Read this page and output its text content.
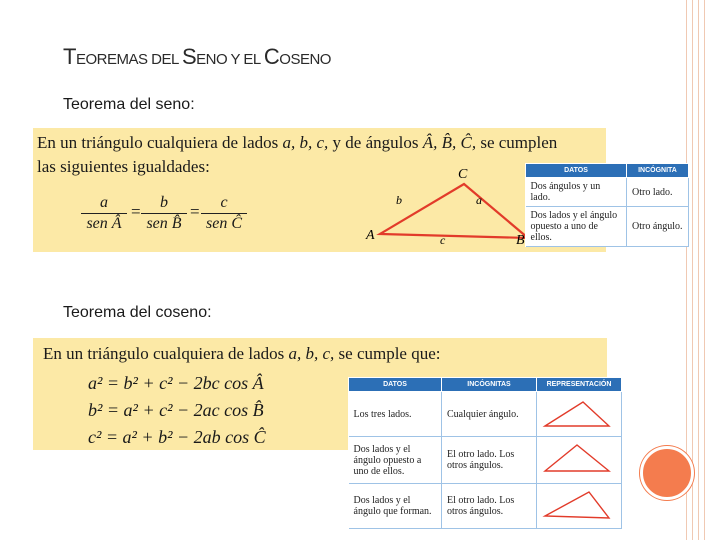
TEOREMAS DEL SENO Y EL COSENO
Teorema del seno:
En un triángulo cualquiera de lados a, b, c, y de ángulos Â, B̂, Ĉ, se cumplen
las siguientes igualdades:
a
sen Â
=	b
sen B̂
=	c
sen Ĉ
C
A	B
a
b
c
DATOS	INCÓGNITA
Dos ángulos y un lado.	Otro lado.
Dos lados y el ángulo opuesto a uno de ellos.	Otro ángulo.
Teorema del coseno:
En un triángulo cualquiera de lados a, b, c, se cumple que:
a² = b² + c² − 2bc cos Â
b² = a² + c² − 2ac cos B̂
c² = a² + b² − 2ab cos Ĉ
DATOS	INCÓGNITAS	REPRESENTACIÓN
Los tres lados.	Cualquier ángulo.	
Dos lados y el ángulo opuesto a uno de ellos.	El otro lado. Los otros ángulos.	
Dos lados y el ángulo que forman.	El otro lado. Los otros ángulos.	
